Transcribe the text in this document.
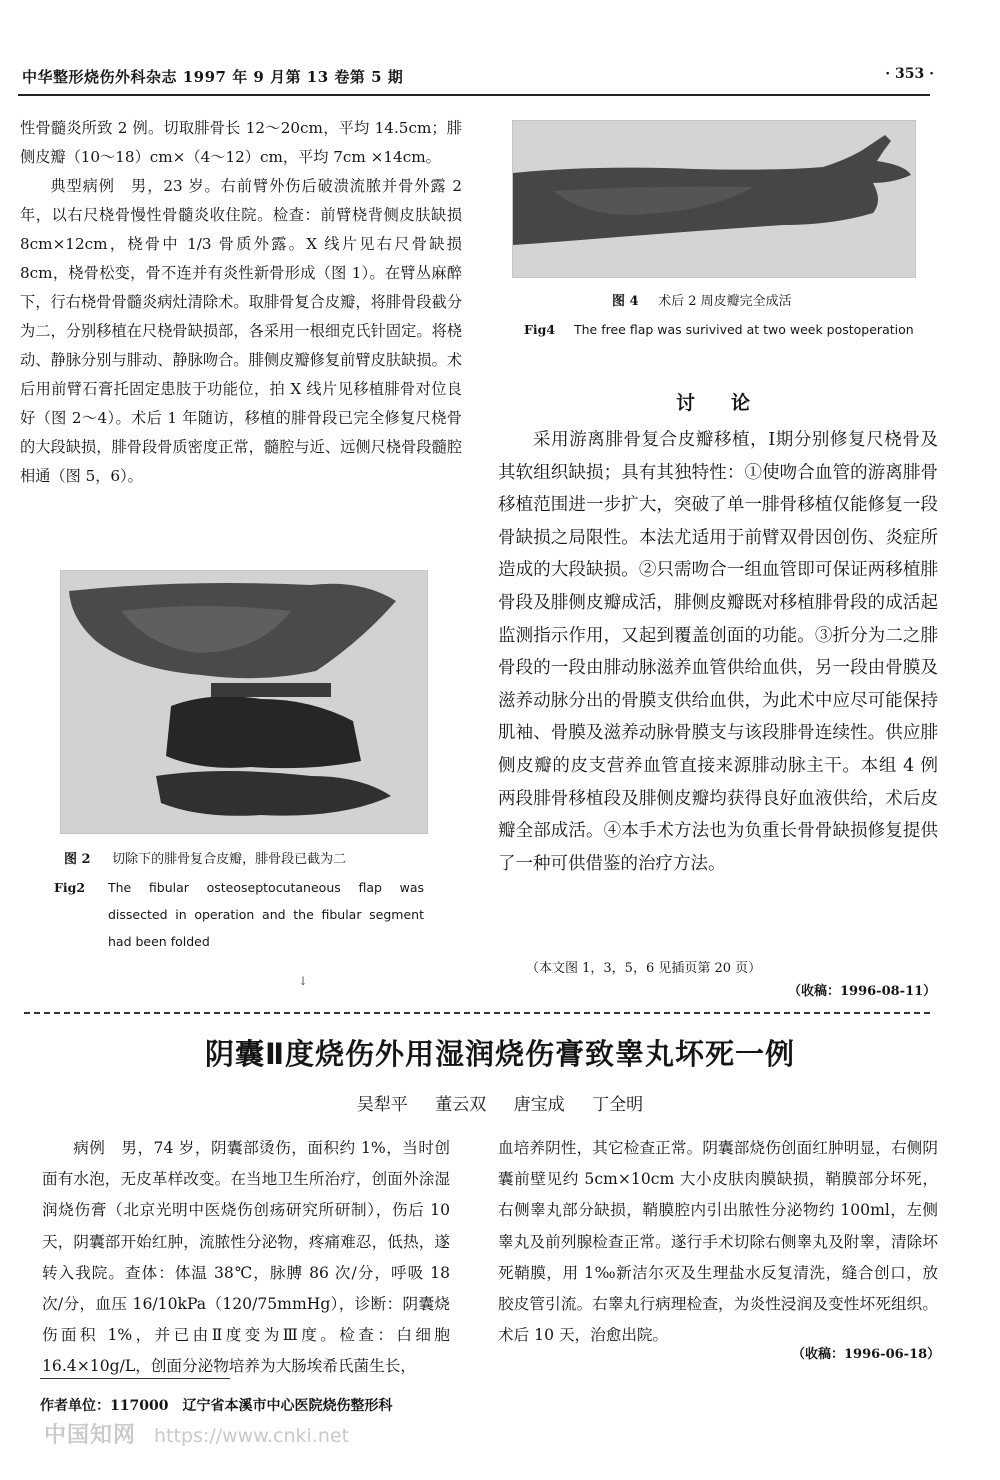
中华整形烧伤外科杂志 1997 年 9 月第 13 卷第 5 期	· 353 ·

性骨髓炎所致 2 例。切取腓骨长 12～20cm，平均 14.5cm；腓侧皮瓣（10～18）cm×（4～12）cm，平均 7cm ×14cm。

典型病例　男，23 岁。右前臂外伤后破溃流脓并骨外露 2 年，以右尺桡骨慢性骨髓炎收住院。检查：前臂桡背侧皮肤缺损 8cm×12cm，桡骨中 1/3 骨质外露。X 线片见右尺骨缺损 8cm，桡骨松变，骨不连并有炎性新骨形成（图 1）。在臂丛麻醉下，行右桡骨骨髓炎病灶清除术。取腓骨复合皮瓣，将腓骨段截分为二，分别移植在尺桡骨缺损部，各采用一根细克氏针固定。将桡动、静脉分别与腓动、静脉吻合。腓侧皮瓣修复前臂皮肤缺损。术后用前臂石膏托固定患肢于功能位，拍 X 线片见移植腓骨对位良好（图 2～4）。术后 1 年随访，移植的腓骨段已完全修复尺桡骨的大段缺损，腓骨段骨质密度正常，髓腔与近、远侧尺桡骨段髓腔相通（图 5，6）。

图 2 切除下的腓骨复合皮瓣，腓骨段已截为二
Fig2 The fibular osteoseptocutaneous flap was dissected in operation and the fibular segment had been folded
↓
图 4 术后 2 周皮瓣完全成活
Fig4 The free flap was surivived at two week postoperation
讨论

采用游离腓骨复合皮瓣移植，Ⅰ期分别修复尺桡骨及其软组织缺损；具有其独特性：①使吻合血管的游离腓骨移植范围进一步扩大，突破了单一腓骨移植仅能修复一段骨缺损之局限性。本法尤适用于前臂双骨因创伤、炎症所造成的大段缺损。②只需吻合一组血管即可保证两移植腓骨段及腓侧皮瓣成活，腓侧皮瓣既对移植腓骨段的成活起监测指示作用，又起到覆盖创面的功能。③折分为二之腓骨段的一段由腓动脉滋养血管供给血供，另一段由骨膜及滋养动脉分出的骨膜支供给血供，为此术中应尽可能保持肌袖、骨膜及滋养动脉骨膜支与该段腓骨连续性。供应腓侧皮瓣的皮支营养血管直接来源腓动脉主干。本组 4 例两段腓骨移植段及腓侧皮瓣均获得良好血液供给，术后皮瓣全部成活。④本手术方法也为负重长骨骨缺损修复提供了一种可供借鉴的治疗方法。

（本文图 1，3，5，6 见插页第 20 页）
（收稿：1996-08-11）
阴囊Ⅱ度烧伤外用湿润烧伤膏致睾丸坏死一例
吴犁平 董云双 唐宝成 丁全明

病例　男，74 岁，阴囊部烫伤，面积约 1%，当时创面有水泡，无皮革样改变。在当地卫生所治疗，创面外涂湿润烧伤膏（北京光明中医烧伤创疡研究所研制），伤后 10 天，阴囊部开始红肿，流脓性分泌物，疼痛难忍，低热，遂转入我院。查体：体温 38℃，脉膊 86 次/分，呼吸 18 次/分，血压 16/10kPa（120/75mmHg），诊断：阴囊烧伤面积 1%，并已由Ⅱ度变为Ⅲ度。检查：白细胞 16.4×10g/L，创面分泌物培养为大肠埃希氏菌生长，

血培养阴性，其它检查正常。阴囊部烧伤创面红肿明显，右侧阴囊前壁见约 5cm×10cm 大小皮肤肉膜缺损，鞘膜部分坏死，右侧睾丸部分缺损，鞘膜腔内引出脓性分泌物约 100ml，左侧睾丸及前列腺检查正常。遂行手术切除右侧睾丸及附睾，清除坏死鞘膜，用 1‰新洁尔灭及生理盐水反复清洗，缝合创口，放胶皮管引流。右睾丸行病理检查，为炎性浸润及变性坏死组织。术后 10 天，治愈出院。

（收稿：1996-06-18）
作者单位：117000　辽宁省本溪市中心医院烧伤整形科
中国知网 https://www.cnki.net
